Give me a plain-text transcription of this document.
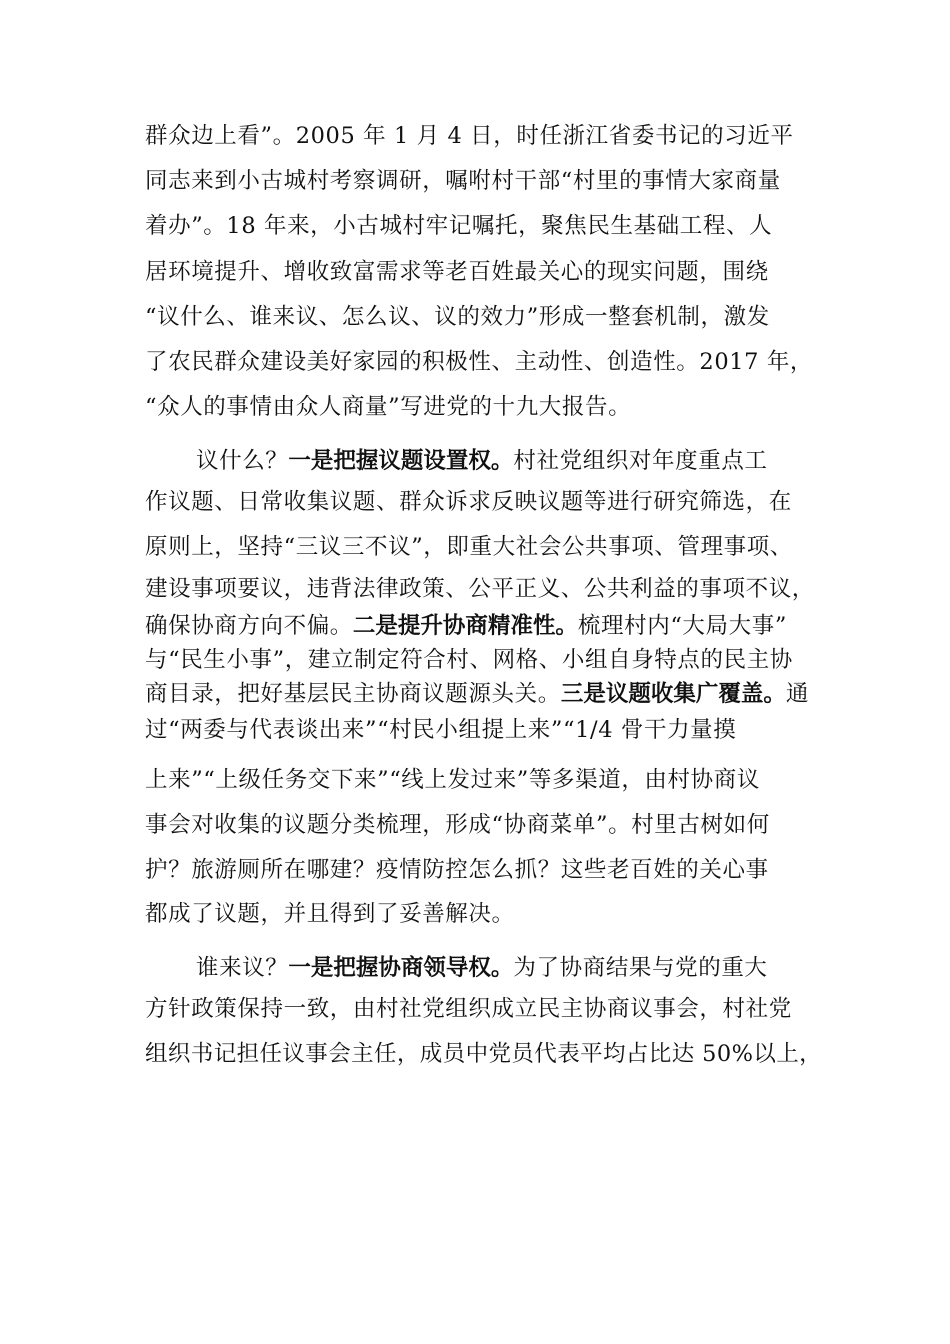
群众边上看”。2005 年 1 月 4 日，时任浙江省委书记的习近平
同志来到小古城村考察调研，嘱咐村干部“村里的事情大家商量
着办”。18 年来，小古城村牢记嘱托，聚焦民生基础工程、人
居环境提升、增收致富需求等老百姓最关心的现实问题，围绕
“议什么、谁来议、怎么议、议的效力”形成一整套机制，激发
了农民群众建设美好家园的积极性、主动性、创造性。2017 年，
“众人的事情由众人商量”写进党的十九大报告。
议什么？一是把握议题设置权。村社党组织对年度重点工
作议题、日常收集议题、群众诉求反映议题等进行研究筛选，在
原则上，坚持“三议三不议”，即重大社会公共事项、管理事项、
建设事项要议，违背法律政策、公平正义、公共利益的事项不议，
确保协商方向不偏。二是提升协商精准性。梳理村内“大局大事”
与“民生小事”，建立制定符合村、网格、小组自身特点的民主协
商目录，把好基层民主协商议题源头关。三是议题收集广覆盖。通
过“两委与代表谈出来”“村民小组提上来”“1/4 骨干力量摸
上来”“上级任务交下来”“线上发过来”等多渠道，由村协商议
事会对收集的议题分类梳理，形成“协商菜单”。村里古树如何
护？旅游厕所在哪建？疫情防控怎么抓？这些老百姓的关心事
都成了议题，并且得到了妥善解决。
谁来议？一是把握协商领导权。为了协商结果与党的重大
方针政策保持一致，由村社党组织成立民主协商议事会，村社党
组织书记担任议事会主任，成员中党员代表平均占比达 50%以上，
